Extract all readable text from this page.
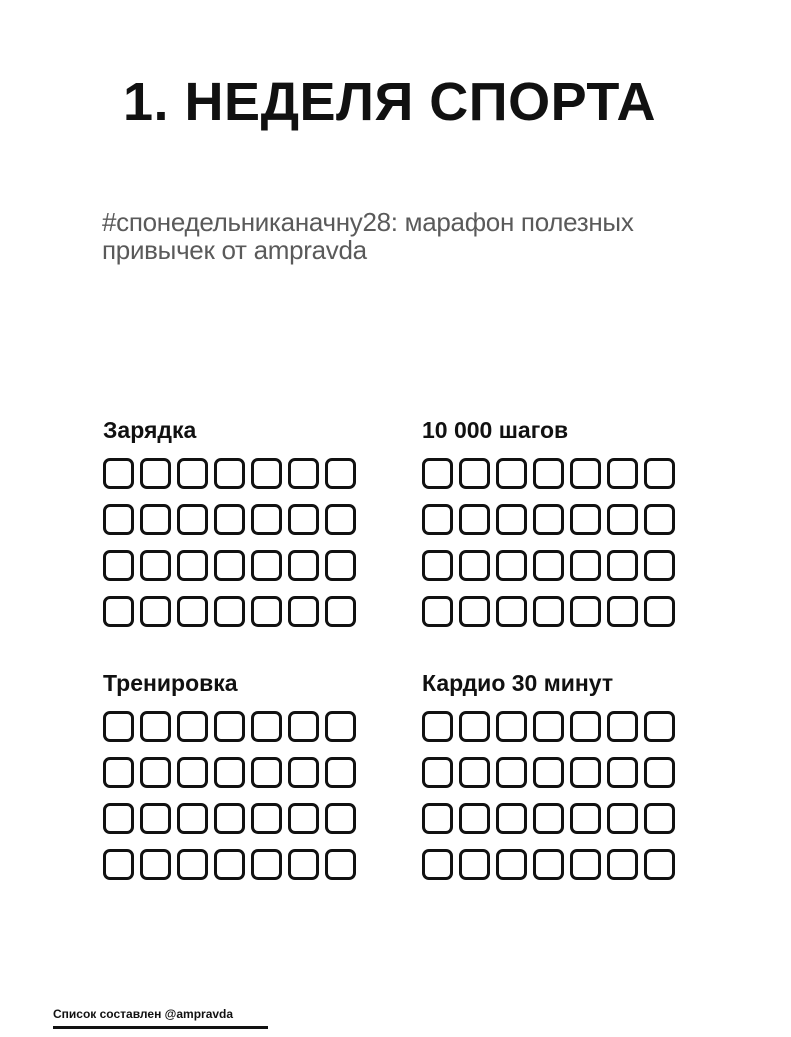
1. НЕДЕЛЯ СПОРТА
#спонедельниканачну28: марафон полезных
привычек от ampravda
Зарядка	10 000 шагов
Тренировка	Кардио 30 минут

Список составлен @ampravda
